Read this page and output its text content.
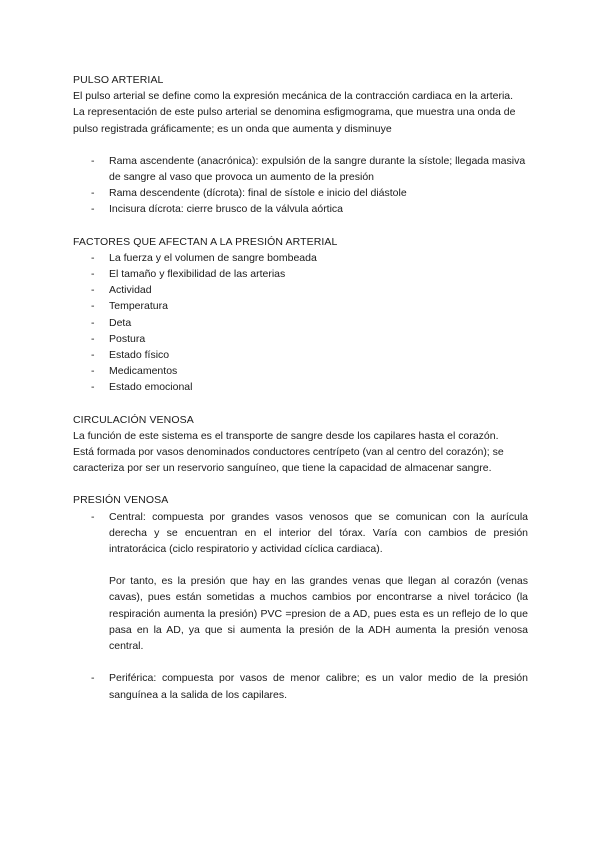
PULSO ARTERIAL

El pulso arterial se define como la expresión mecánica de la contracción cardiaca en la arteria.

La representación de este pulso arterial se denomina esfigmograma, que muestra una onda de pulso registrada gráficamente; es un onda que aumenta y disminuye

- Rama ascendente (anacrónica): expulsión de la sangre durante la sístole; llegada masiva de sangre al vaso que provoca un aumento de la presión
- Rama descendente (dícrota): final de sístole e inicio del diástole
- Incisura dícrota: cierre brusco de la válvula aórtica
FACTORES QUE AFECTAN A LA PRESIÓN ARTERIAL
- La fuerza y el volumen de sangre bombeada
- El tamaño y flexibilidad de las arterias
- Actividad
- Temperatura
- Deta
- Postura
- Estado físico
- Medicamentos
- Estado emocional
CIRCULACIÓN VENOSA

La función de este sistema es el transporte de sangre desde los capilares hasta el corazón.

Está formada por vasos denominados conductores centrípeto (van al centro del corazón); se caracteriza por ser un reservorio sanguíneo, que tiene la capacidad de almacenar sangre.

PRESIÓN VENOSA
- Central: compuesta por grandes vasos venosos que se comunican con la aurícula derecha y se encuentran en el interior del tórax. Varía con cambios de presión intratorácica (ciclo respiratorio y actividad cíclica cardiaca).

Por tanto, es la presión que hay en las grandes venas que llegan al corazón (venas cavas), pues están sometidas a muchos cambios por encontrarse a nivel torácico (la respiración aumenta la presión) PVC =presion de a AD, pues esta es un reflejo de lo que pasa en la AD, ya que si aumenta la presión de la ADH aumenta la presión venosa central.

- Periférica: compuesta por vasos de menor calibre; es un valor medio de la presión sanguínea a la salida de los capilares.
